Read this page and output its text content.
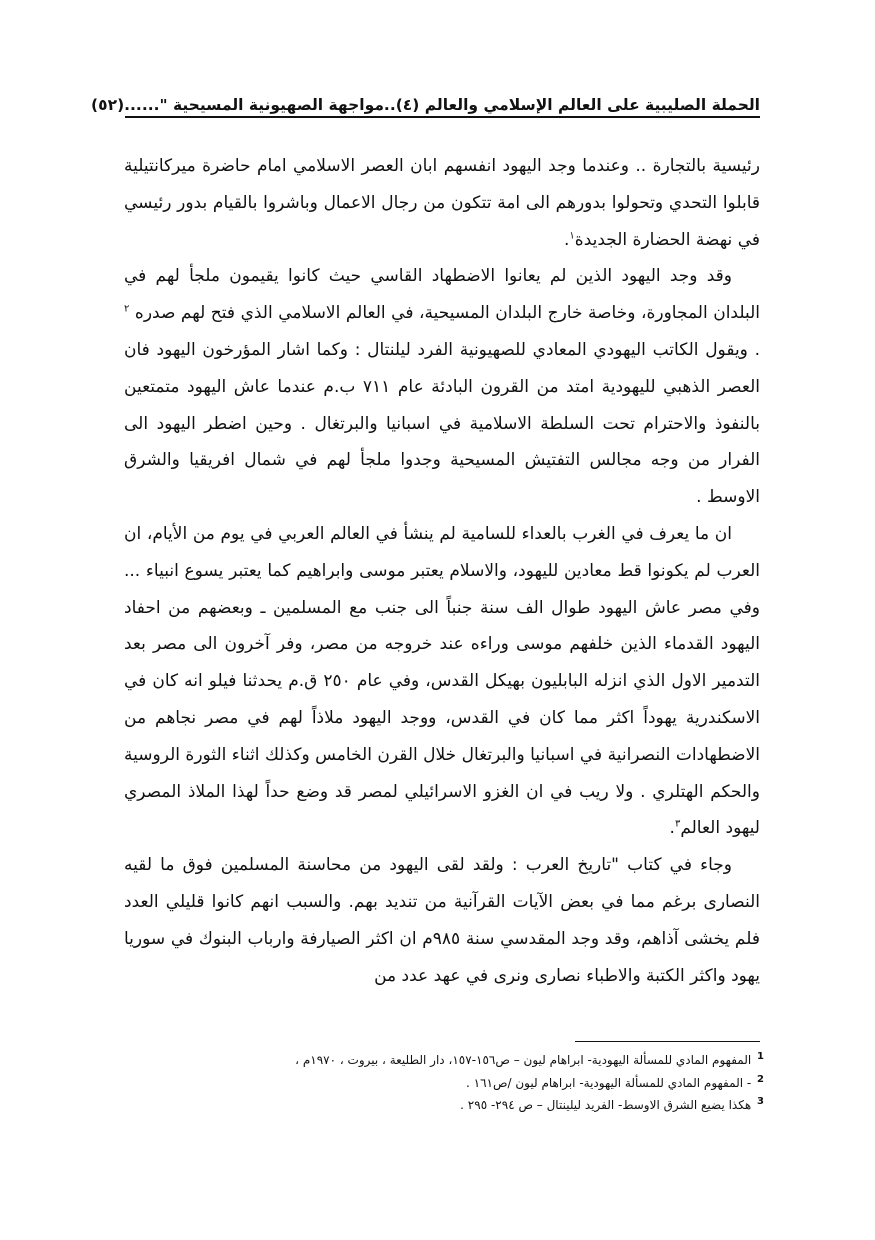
الحملة الصليبية على العالم الإسلامي والعالم (٤)..مواجهة الصهيونية المسيحية "......
(٥٢)

رئيسية بالتجارة .. وعندما وجد اليهود انفسهم ابان العصر الاسلامي امام حاضرة ميركانتيلية قابلوا التحدي وتحولوا بدورهم الى امة تتكون من رجال الاعمال وباشروا بالقيام بدور رئيسي في نهضة الحضارة الجديدة$^١$.

وقد وجد اليهود الذين لم يعانوا الاضطهاد القاسي حيث كانوا يقيمون ملجأ لهم في البلدان المجاورة، وخاصة خارج البلدان المسيحية، في العالم الاسلامي الذي فتح لهم صدره $^٢$ . ويقول الكاتب اليهودي المعادي للصهيونية الفرد ليلنتال : وكما اشار المؤرخون اليهود فان العصر الذهبي لليهودية امتد من القرون البادئة عام ٧١١ ب.م عندما عاش اليهود متمتعين بالنفوذ والاحترام تحت السلطة الاسلامية في اسبانيا والبرتغال . وحين اضطر اليهود الى الفرار من وجه مجالس التفتيش المسيحية وجدوا ملجأ لهم في شمال افريقيا والشرق الاوسط .

ان ما يعرف في الغرب بالعداء للسامية لم ينشأ في العالم العربي في يوم من الأيام، ان العرب لم يكونوا قط معادين لليهود، والاسلام يعتبر موسى وابراهيم كما يعتبر يسوع انبياء ... وفي مصر عاش اليهود طوال الف سنة جنباً الى جنب مع المسلمين ـ وبعضهم من احفاد اليهود القدماء الذين خلفهم موسى وراءه عند خروجه من مصر، وفر آخرون الى مصر بعد التدمير الاول الذي انزله البابليون بهيكل القدس، وفي عام ٢٥٠ ق.م يحدثنا فيلو انه كان في الاسكندرية يهوداً اكثر مما كان في القدس، ووجد اليهود ملاذاً لهم في مصر نجاهم من الاضطهادات النصرانية في اسبانيا والبرتغال خلال القرن الخامس وكذلك اثناء الثورة الروسية والحكم الهتلري . ولا ريب في ان الغزو الاسرائيلي لمصر قد وضع حداً لهذا الملاذ المصري ليهود العالم$^٣$.

وجاء في كتاب "تاريخ العرب : ولقد لقى اليهود من محاسنة المسلمين فوق ما لقيه النصارى برغم مما في بعض الآيات القرآنية من تنديد بهم. والسبب انهم كانوا قليلي العدد فلم يخشى آذاهم، وقد وجد المقدسي سنة ٩٨٥م ان اكثر الصيارفة وارباب البنوك في سوريا يهود واكثر الكتبة والاطباء نصارى ونرى في عهد عدد من

$^1$ المفهوم المادي للمسألة اليهودية- ابراهام ليون – ص١٥٦-١٥٧، دار الطليعة ، بيروت ، ١٩٧٠م ،

$^2$ - المفهوم المادي للمسألة اليهودية- ابراهام ليون /ص١٦١ .

$^3$ هكذا يضيع الشرق الاوسط- الفريد ليلينتال – ص ٢٩٤- ٢٩٥ .
